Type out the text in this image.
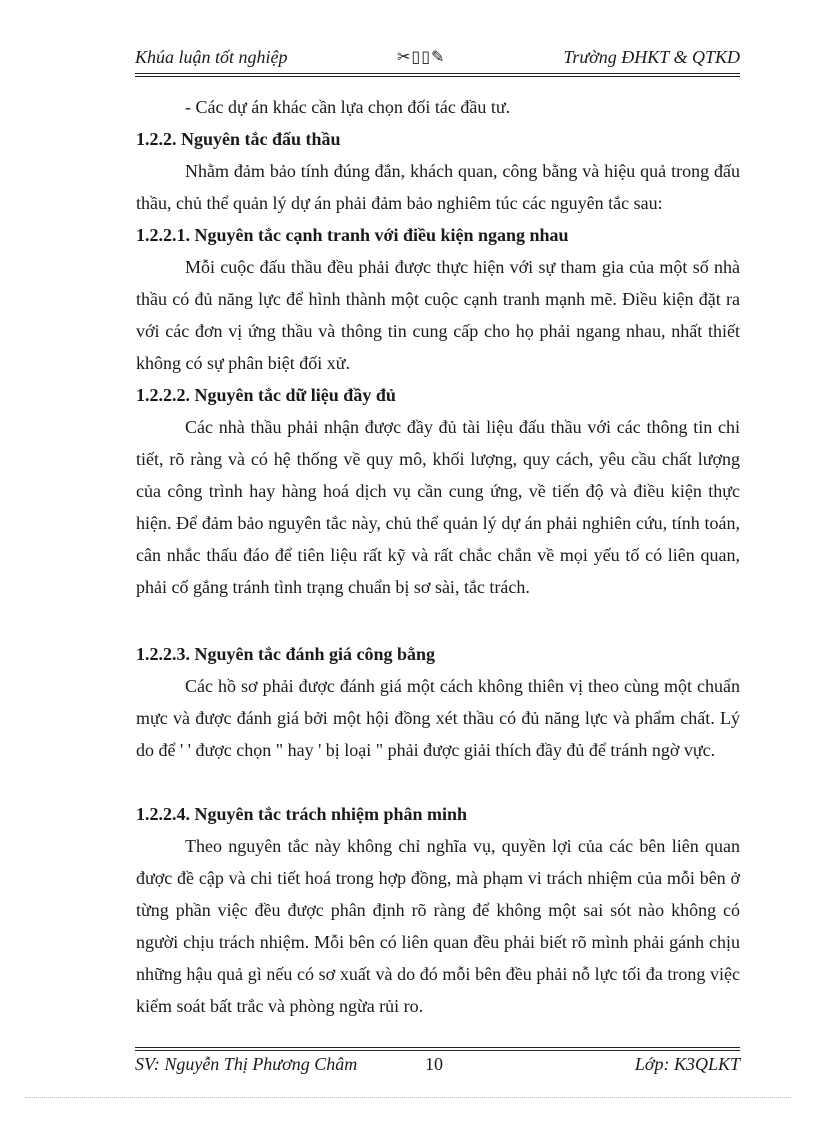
Khúa luận tốt nghiệp	✂▯▯✎	Trường ĐHKT & QTKD

- Các dự án khác cần lựa chọn đối tác đầu tư.

1.2.2. Nguyên tắc đấu thầu

Nhằm đảm bảo tính đúng đắn, khách quan, công bằng và hiệu quả trong đấu thầu, chủ thể quản lý dự án phải đảm bảo nghiêm túc các nguyên tắc sau:

1.2.2.1. Nguyên tắc cạnh tranh với điều kiện ngang nhau

Mỗi cuộc đấu thầu đều phải được thực hiện với sự tham gia của một số nhà thầu có đủ năng lực để hình thành một cuộc cạnh tranh mạnh mẽ. Điều kiện đặt ra với các đơn vị ứng thầu và thông tin cung cấp cho họ phải ngang nhau, nhất thiết không có sự phân biệt đối xử.

1.2.2.2. Nguyên tắc dữ liệu đầy đủ

Các nhà thầu phải nhận được đầy đủ tài liệu đấu thầu với các thông tin chi tiết, rõ ràng và có hệ thống về quy mô, khối lượng, quy cách, yêu cầu chất lượng của công trình hay hàng hoá dịch vụ cần cung ứng, về tiến độ và điều kiện thực hiện. Để đảm bảo nguyên tắc này, chủ thể quản lý dự án phải nghiên cứu, tính toán, cân nhắc thấu đáo để tiên liệu rất kỹ và rất chắc chắn về mọi yếu tố có liên quan, phải cố gắng tránh tình trạng chuẩn bị sơ sài, tắc trách.

1.2.2.3. Nguyên tắc đánh giá công bằng

Các hồ sơ phải được đánh giá một cách không thiên vị theo cùng một chuẩn mực và được đánh giá bởi một hội đồng xét thầu có đủ năng lực và phẩm chất. Lý do để ' ' được chọn " hay ' bị loại " phải được giải thích đầy đủ để tránh ngờ vực.

1.2.2.4. Nguyên tắc trách nhiệm phân minh

Theo nguyên tắc này không chỉ nghĩa vụ, quyền lợi của các bên liên quan được đề cập và chi tiết hoá trong hợp đồng, mà phạm vi trách nhiệm của mỗi bên ở từng phần việc đều được phân định rõ ràng để không một sai sót nào không có người chịu trách nhiệm. Mỗi bên có liên quan đều phải biết rõ mình phải gánh chịu những hậu quả gì nếu có sơ xuất và do đó mỗi bên đều phải nỗ lực tối đa trong việc kiểm soát bất trắc và phòng ngừa rủi ro.

SV: Nguyễn Thị Phương Châm	10	Lớp: K3QLKT
